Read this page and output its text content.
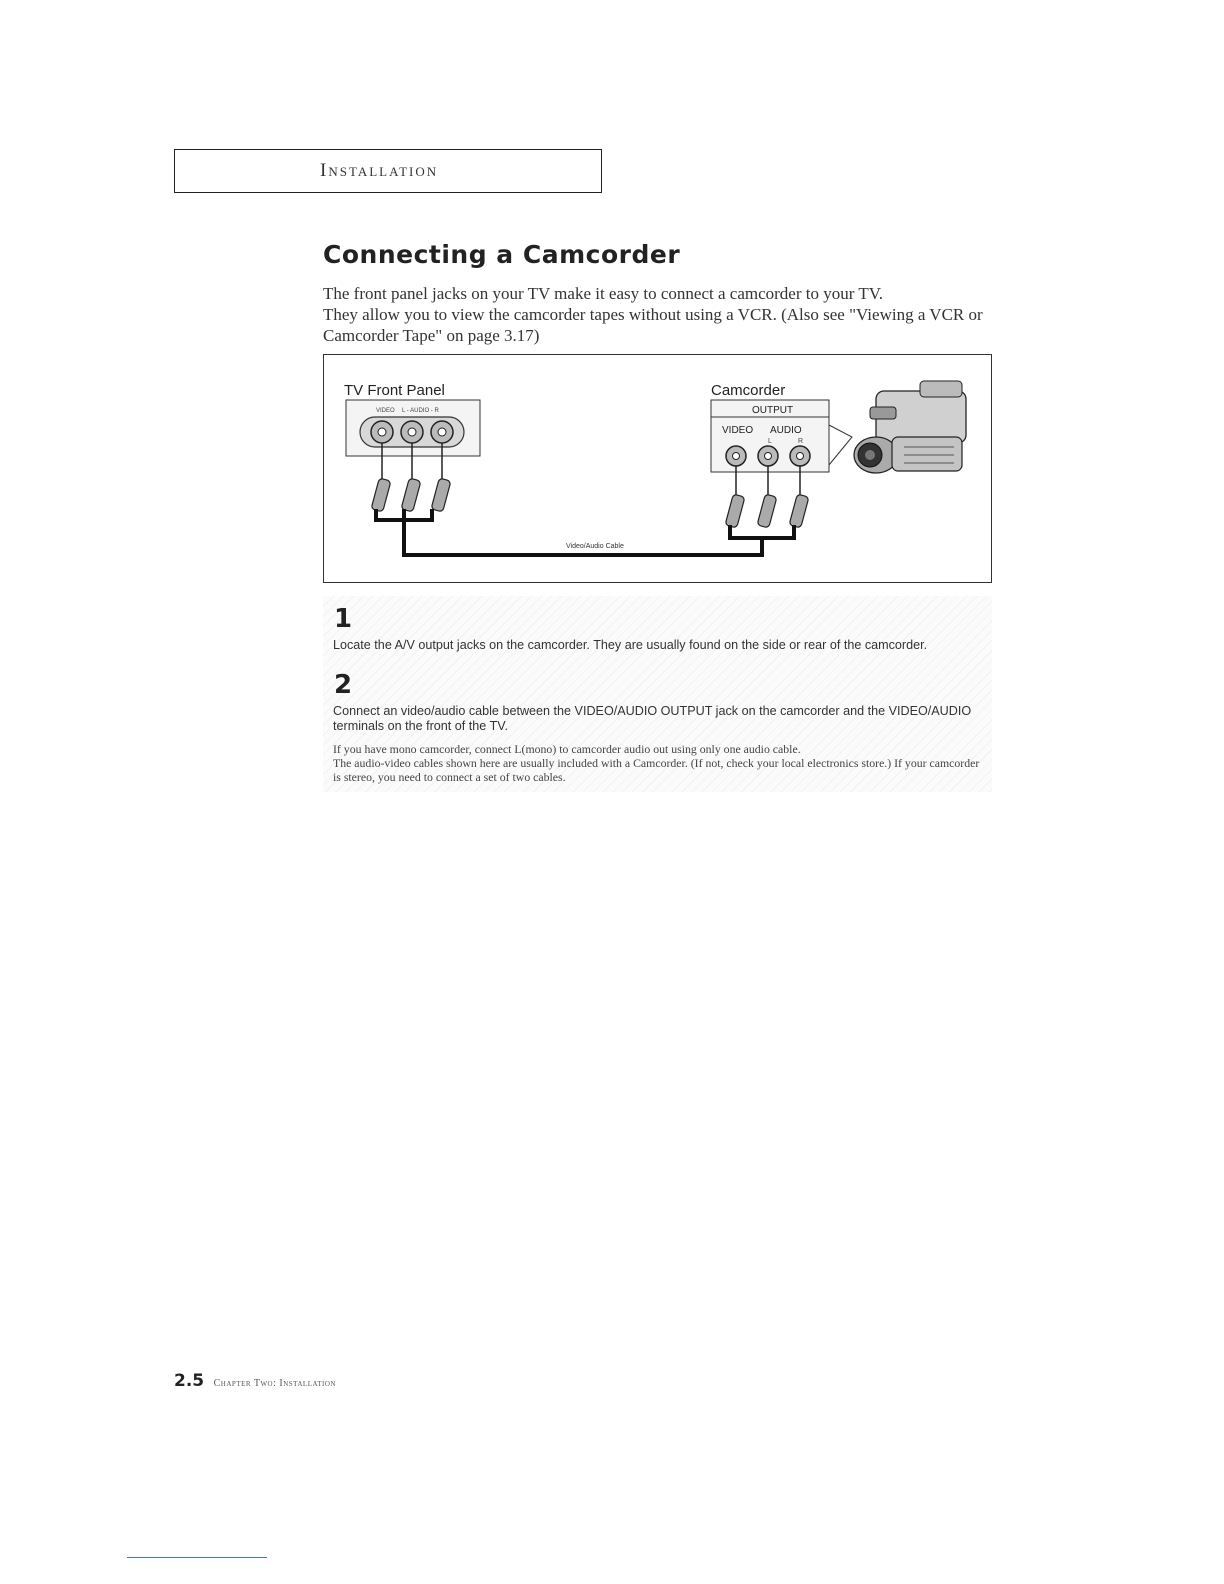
Installation
Connecting a Camcorder

The front panel jacks on your TV make it easy to connect a camcorder to your TV.

They allow you to view the camcorder tapes without using a VCR. (Also see "Viewing a VCR or Camcorder Tape" on page 3.17)

TV Front Panel
VIDEO L - AUDIO - R
Camcorder
OUTPUT
VIDEO AUDIO
L	R
Video/Audio Cable
1
Locate the A/V output jacks on the camcorder. They are usually found on the side or rear of the camcorder.
2
Connect an video/audio cable between the VIDEO/AUDIO OUTPUT jack on the camcorder and the VIDEO/AUDIO terminals on the front of the TV.

If you have mono camcorder, connect L(mono) to camcorder audio out using only one audio cable.

The audio-video cables shown here are usually included with a Camcorder. (If not, check your local electronics store.) If your camcorder is stereo, you need to connect a set of two cables.

2.5 Chapter Two: Installation
